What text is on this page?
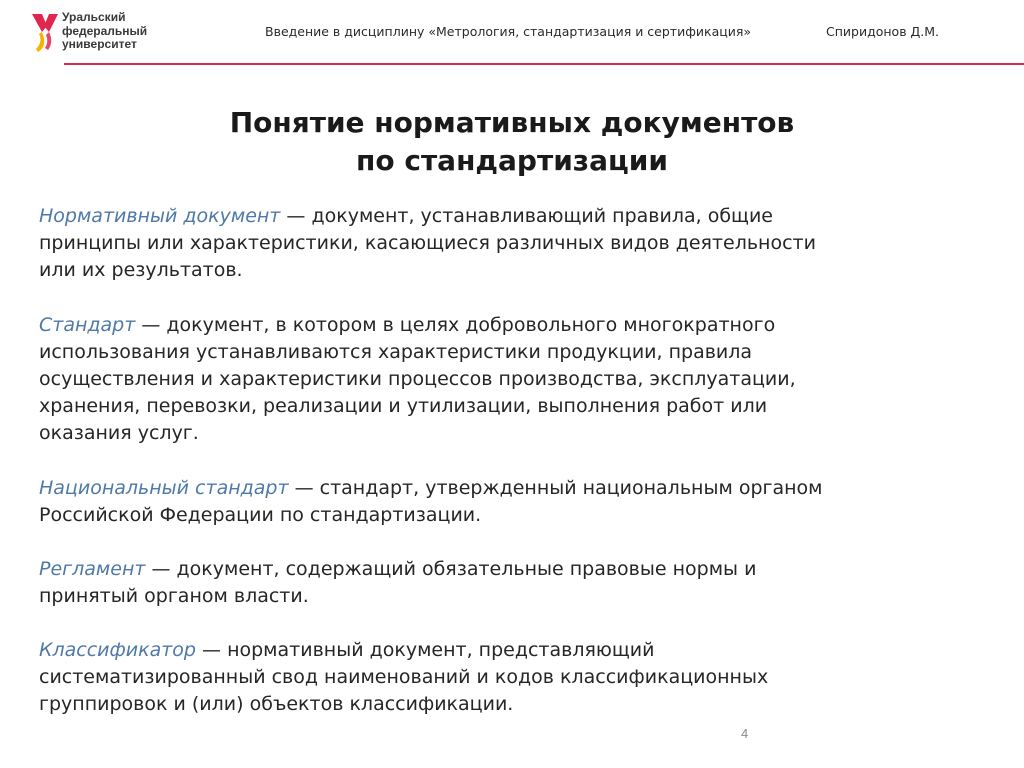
Уральский
федеральный
университет
Введение в дисциплину «Метрология, стандартизация и сертификация»	Спиридонов Д.М.
Понятие нормативных документов
по стандартизации
Нормативный документ — документ, устанавливающий правила, общие
принципы или характеристики, касающиеся различных видов деятельности
или их результатов.
Стандарт — документ, в котором в целях добровольного многократного
использования устанавливаются характеристики продукции, правила
осуществления и характеристики процессов производства, эксплуатации,
хранения, перевозки, реализации и утилизации, выполнения работ или
оказания услуг.
Национальный стандарт — стандарт, утвержденный национальным органом
Российской Федерации по стандартизации.
Регламент — документ, содержащий обязательные правовые нормы и
принятый органом власти.
Классификатор — нормативный документ, представляющий
систематизированный свод наименований и кодов классификационных
группировок и (или) объектов классификации.
4
